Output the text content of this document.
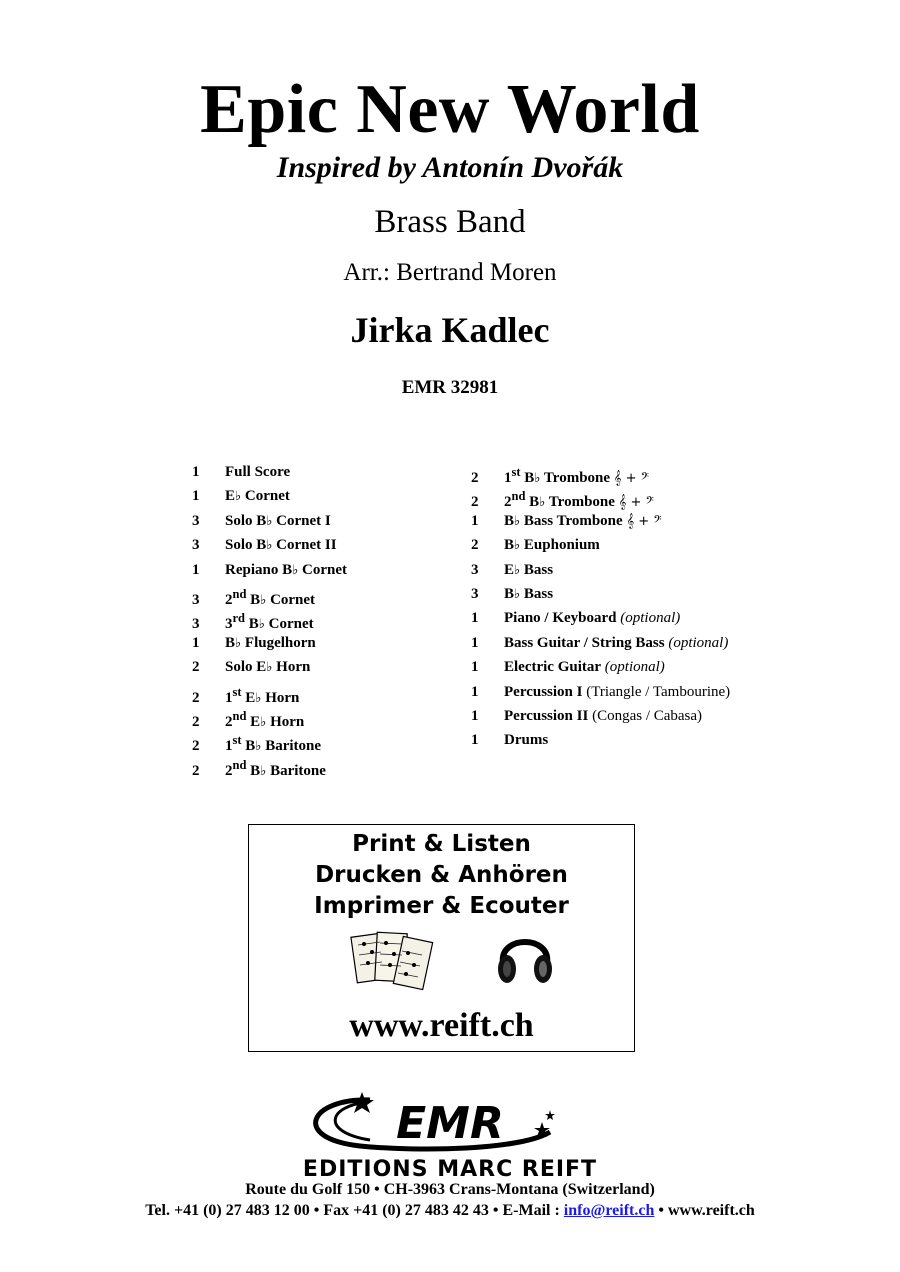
Epic New World
Inspired by Antonín Dvořák
Brass Band
Arr.: Bertrand Moren
Jirka Kadlec
EMR 32981
1 Full Score
1 E♭ Cornet
3 Solo B♭ Cornet I
3 Solo B♭ Cornet II
1 Repiano B♭ Cornet
3 2nd B♭ Cornet
3 3rd B♭ Cornet
1 B♭ Flugelhorn
2 Solo E♭ Horn
2 1st E♭ Horn
2 2nd E♭ Horn
2 1st B♭ Baritone
2 2nd B♭ Baritone
2 1st B♭ Trombone 𝄞 + 𝄢
2 2nd B♭ Trombone 𝄞 + 𝄢
1 B♭ Bass Trombone 𝄞 + 𝄢
2 B♭ Euphonium
3 E♭ Bass
3 B♭ Bass
1 Piano / Keyboard (optional)
1 Bass Guitar / String Bass (optional)
1 Electric Guitar (optional)
1 Percussion I (Triangle / Tambourine)
1 Percussion II (Congas / Cabasa)
1 Drums
Print & Listen
Drucken & Anhören
Imprimer & Ecouter
www.reift.ch
EMR
EDITIONS MARC REIFT
Route du Golf 150 • CH-3963 Crans-Montana (Switzerland)
Tel. +41 (0) 27 483 12 00 • Fax +41 (0) 27 483 42 43 • E-Mail : info@reift.ch • www.reift.ch
